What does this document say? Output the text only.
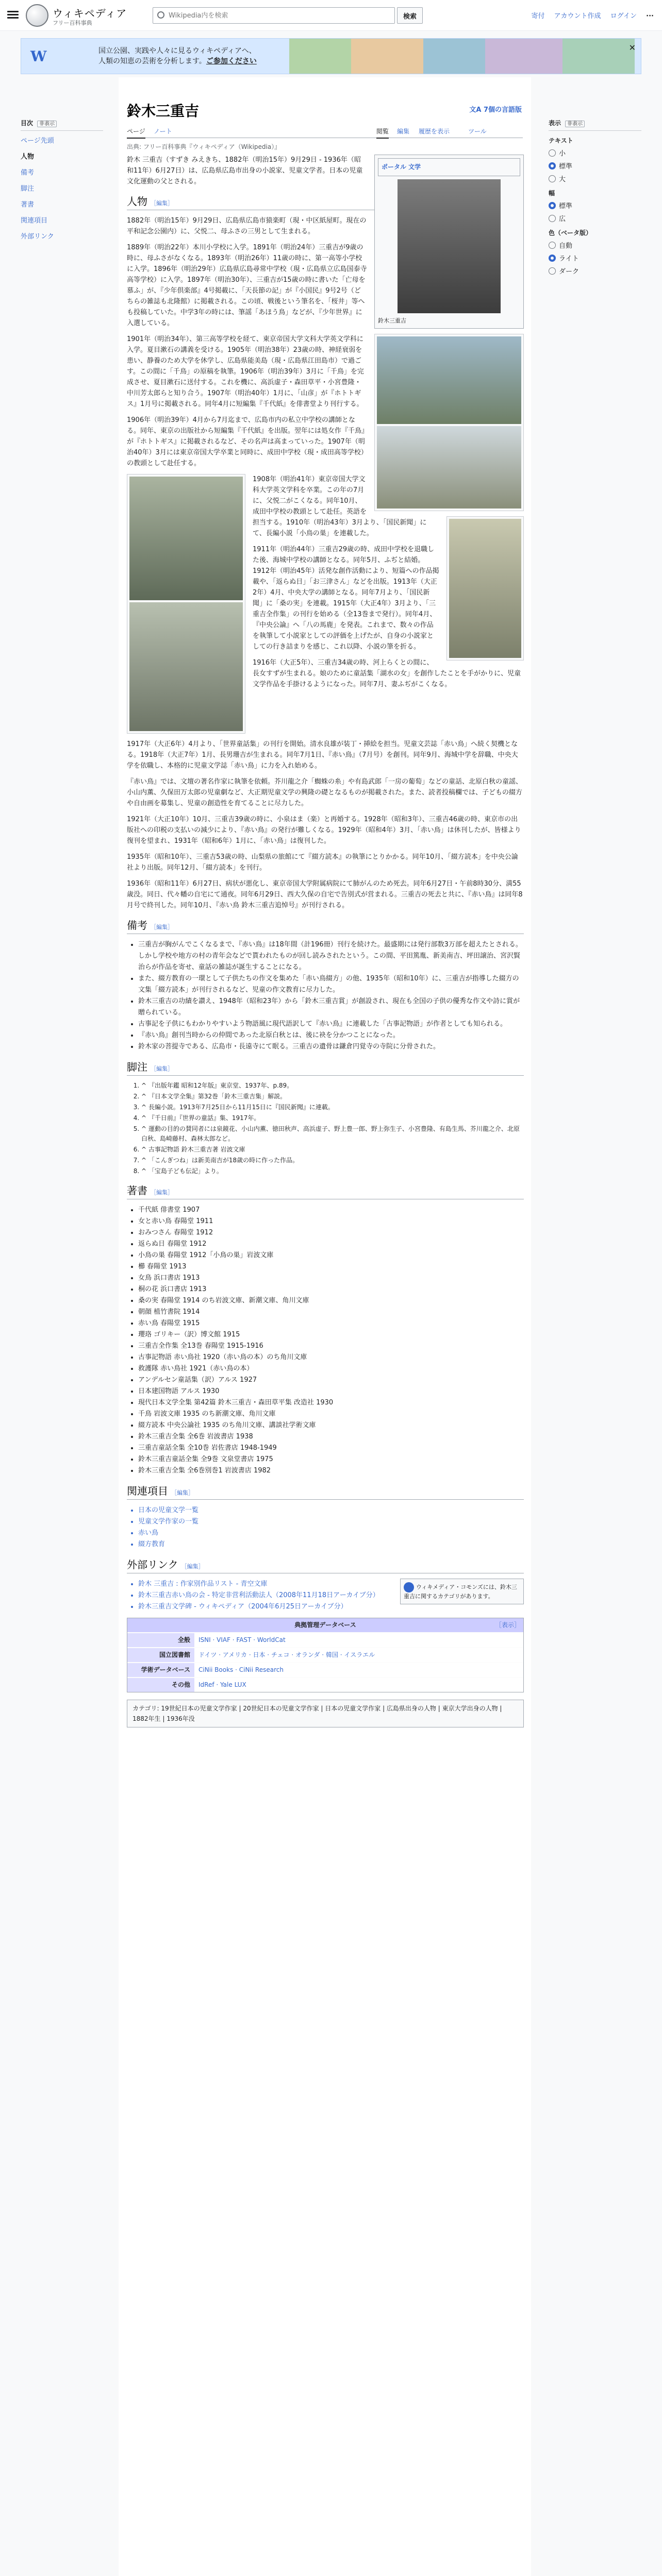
ウィキペディア
フリー百科事典
Wikipedia内を検索
検索	寄付 アカウント作成 ログイン ···
W	国立公園、実践や人々に見るウィキペディアへ、
人類の知恵の芸術を分析します。ご参加ください
✕
目次 非表示
ページ先頭
人物
備考
脚注
著書
関連項目
外部リンク
表示 非表示
テキスト
小
標準
大
幅
標準
広
色（ベータ版）
自動
ライト
ダーク
鈴木三重吉	文A 7個の言語版
ページ ノート	閲覧 編集 履歴を表示	ツール
出典: フリー百科事典『ウィキペディア（Wikipedia）』
ポータル 文学
鈴木三重吉

鈴木 三重吉（すずき みえきち、1882年（明治15年）9月29日 - 1936年（昭和11年）6月27日）は、広島県広島市出身の小説家、児童文学者。日本の児童文化運動の父とされる。

人物 ［編集］

1882年（明治15年）9月29日、広島県広島市猿楽町（現・中区紙屋町。現在の平和記念公園内）に、父悦二、母ふさの三男として生まれる。

1889年（明治22年）本川小学校に入学。1891年（明治24年）三重吉が9歳の時に、母ふさがなくなる。1893年（明治26年）11歳の時に、第一高等小学校に入学。1896年（明治29年）広島県広島尋常中学校（現・広島県立広島国泰寺高等学校）に入学。1897年（明治30年）、三重吉が15歳の時に書いた「亡母を慕ふ」が、『少年倶楽部』4号掲載に、「天長節の記」が『小国民』9号2号（どちらの雑誌も北隆館）に掲載される。この頃、戦後という筆名を、「桜井」等へも投稿していた。中学3年の時には、筆謡「あほう鳥」などが、『少年世界』に入選している。

1901年（明治34年）、第三高等学校を経て、東京帝国大学文科大学英文学科に入学。夏目漱石の講義を受ける。1905年（明治38年）23歳の時、神経衰弱を患い、静養のため大学を休学し、広島県能美島（現・広島県江田島市）で過ごす。この間に「千鳥」の原稿を執筆。1906年（明治39年）3月に「千鳥」を完成させ、夏目漱石に送付する。これを機に、高浜虚子・森田草平・小宮豊隆・中川芳太郎らと知り合う。1907年（明治40年）1月に、「山彦」が『ホトトギス』1月号に掲載される。同年4月に短編集『千代紙』を俳書堂より刊行する。

1906年（明治39年）4月から7月迄まで、広島市内の私立中学校の講師となる。同年、東京の出版社から短編集『千代紙』を出版。翌年には処女作『千鳥』が『ホトトギス』に掲載されるなど、その名声は高まっていった。1907年（明治40年）3月には東京帝国大学卒業と同時に、成田中学校（現・成田高等学校）の教頭として赴任する。

1908年（明治41年）東京帝国大学文科大学英文学科を卒業。この年の7月に、父悦二がこくなる。同年10月、成田中学校の教頭として赴任。英語を担当する。1910年（明治43年）3月より、「国民新聞」にて、長編小説「小鳥の巣」を連載した。

1911年（明治44年）三重吉29歳の時、成田中学校を退職した後、海城中学校の講師となる。同年5月、ふぢと結婚。1912年（明治45年）活発な創作活動により、短篇への作品掲載や、「返らぬ日」「お三津さん」などを出版。1913年（大正2年）4月、中央大学の講師となる。同年7月より、「国民新聞」に「桑の実」を連載。1915年（大正4年）3月より、「三重吉全作集」の刊行を始める（全13巻まで発行）。同年4月、『中央公論』へ「八の馬鹿」を発表。これまで、数々の作品を執筆して小説家としての評価を上げたが、自身の小説家としての行き詰まりを感じ、これ以降、小説の筆を折る。

1916年（大正5年）、三重吉34歳の時、河上らくとの間に、長女すずが生まれる。娘のために童話集「湖水の女」を創作したことを手がかりに、児童文学作品を手掛けるようになった。同年7月、妻ふぢがこくなる。

1917年（大正6年）4月より、「世界童話集」の刊行を開始。清水良雄が装丁・挿絵を担当。児童文芸誌「赤い鳥」へ続く契機となる。1918年（大正7年）1月、長男珊吉が生まれる。同年7月1日、『赤い鳥』（7月号）を創刊。同年9月、海城中学を辞職、中央大学を依職し、本格的に児童文学誌「赤い鳥」に力を入れ始める。

『赤い鳥』では、文壇の著名作家に執筆を依頼。芥川龍之介「蜘蛛の糸」や有島武郎「一房の葡萄」などの童話、北原白秋の童謡、小山内薫、久保田万太郎の児童劇など、大正期児童文学の興隆の礎となるものが掲載された。また、読者投稿欄では、子どもの綴方や自由画を募集し、児童の創造性を育てることに尽力した。

1921年（大正10年）10月、三重吉39歳の時に、小泉はま（楽）と再婚する。1928年（昭和3年）、三重吉46歳の時、東京市の出版社への印税の支払いの減少により、『赤い鳥』の発行が難しくなる。1929年（昭和4年）3月、「赤い鳥」は休刊したが、皆様より復刊を望まれ、1931年（昭和6年）1月に、「赤い鳥」は復刊した。

1935年（昭和10年）、三重吉53歳の時、山梨県の旅館にて『綴方読本』の執筆にとりかかる。同年10月、「綴方読本」を中央公論社より出版。同年12月、「綴方読本」を刊行。

1936年（昭和11年）6月27日、病状が悪化し、東京帝国大学附属病院にて肺がんのため死去。同年6月27日・午前8時30分、満55歳没。同日、代々幡の自宅にて通夜。同年6月29日、西大久保の自宅で告別式が営まれる。三重吉の死去と共に、『赤い鳥』は同年8月号で終刊した。同年10月、『赤い鳥 鈴木三重吉追悼号』が刊行される。

備考 ［編集］
• 三重吉が胸がんでこくなるまで、『赤い鳥』は18年間（計196冊）刊行を続けた。最盛期には発行部数3万部を超えたとされる。しかし学校や地方の村の青年会などで貰われたものが回し読みされたという。この間、平田篤胤、新美南吉、坪田譲治、宮沢賢治らが作品を寄せ、童話の雑誌が誕生することになる。
• また、綴方教育の一環として子供たちの作文を集めた「赤い鳥綴方」の他、1935年（昭和10年）に、三重吉が指導した綴方の文集「綴方読本」が刊行されるなど、児童の作文教育に尽力した。
• 鈴木三重吉の功績を讃え、1948年（昭和23年）から「鈴木三重吉賞」が創設され、現在も全国の子供の優秀な作文や詩に賞が贈られている。
• 古事記を子供にもわかりやすいよう物語風に現代語訳して『赤い鳥』に連載した「古事記物語」が作者としても知られる。
• 『赤い鳥』創刊当時からの仲間であった北原白秋とは、後に袂を分かつことになった。
• 鈴木家の菩提寺である、広島市・長遠寺にて眠る。三重吉の遺骨は鎌倉円覚寺の寺院に分骨された。
脚注 ［編集］
1. ^ 『出版年鑑 昭和12年版』東京堂、1937年、p.89。
2. ^ 『日本文学全集』第32巻「鈴木三重吉集」解説。
3. ^ 長編小説。1913年7月25日から11月15日に『国民新聞』に連載。
4. ^ 『千日前』『世界の童話』集、1917年。
5. ^ 運動の目的の賛同者には泉鏡花、小山内薫、徳田秋声、高浜虚子、野上豊一郎、野上弥生子、小宮豊隆、有島生馬、芥川龍之介、北原白秋、島崎藤村、森林太郎など。
6. ^ 古事記物語 鈴木三重吉著 岩波文庫
7. ^ 「こんぎつね」は新美南吉が18歳の時に作った作品。
8. ^ 「宝島子ども伝記」より。
著書 ［編集］
• 千代紙 俳書堂 1907
• 女と赤い鳥 春陽堂 1911
• おみつさん 春陽堂 1912
• 返らぬ日 春陽堂 1912
• 小鳥の巣 春陽堂 1912「小鳥の巣」岩波文庫
• 櫛 春陽堂 1913
• 女鳥 浜口書店 1913
• 桐の花 浜口書店 1913
• 桑の実 春陽堂 1914 のち岩波文庫、新潮文庫、角川文庫
• 朝顔 植竹書院 1914
• 赤い鳥 春陽堂 1915
• 瓔珞 ゴリキー（訳）博文館 1915
• 三重吉全作集 全13巻 春陽堂 1915-1916
• 古事記物語 赤い鳥社 1920（赤い鳥の本）のち角川文庫
• 救護隊 赤い鳥社 1921（赤い鳥の本）
• アンデルセン童話集（訳）アルス 1927
• 日本建国物語 アルス 1930
• 現代日本文学全集 第42篇 鈴木三重吉・森田草平集 改造社 1930
• 千鳥 岩波文庫 1935 のち新潮文庫、角川文庫
• 綴方読本 中央公論社 1935 のち角川文庫、講談社学術文庫
• 鈴木三重吉全集 全6巻 岩波書店 1938
• 三重吉童話全集 全10巻 岩佐書店 1948-1949
• 鈴木三重吉童話全集 全9巻 文泉堂書店 1975
• 鈴木三重吉全集 全6巻別巻1 岩波書店 1982
関連項目 ［編集］
• 日本の児童文学一覧
• 児童文学作家の一覧
• 赤い鳥
• 綴方教育
外部リンク ［編集］
ウィキメディア・コモンズには、鈴木三重吉に関するカテゴリがあります。
• 鈴木 三重吉 : 作家別作品リスト - 青空文庫
• 鈴木三重吉赤い鳥の会 - 特定非営利活動法人（2008年11月18日アーカイブ分）
• 鈴木三重吉文学碑 - ウィキペディア（2004年6月25日アーカイブ分）
典拠管理データベース	［表示］
全般	ISNI · VIAF · FAST · WorldCat
国立図書館	ドイツ · アメリカ · 日本 · チェコ · オランダ · 韓国 · イスラエル
学術データベース	CiNii Books · CiNii Research
その他	IdRef · Yale LUX
カテゴリ: 19世紀日本の児童文学作家 | 20世紀日本の児童文学作家 | 日本の児童文学作家 | 広島県出身の人物 | 東京大学出身の人物 | 1882年生 | 1936年没
